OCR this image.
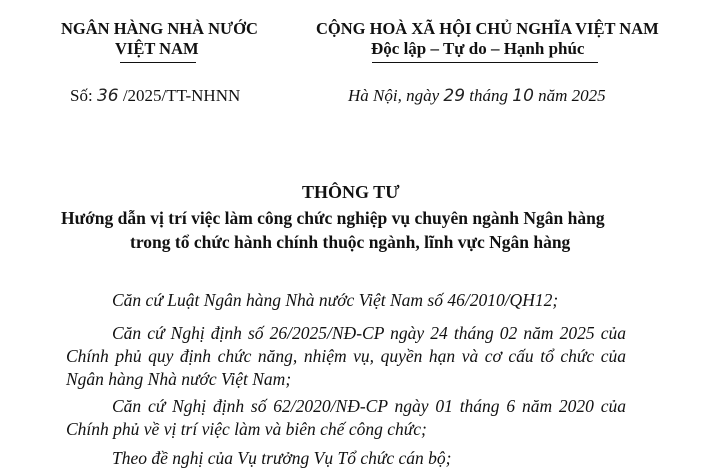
NGÂN HÀNG NHÀ NƯỚC
VIỆT NAM
CỘNG HOÀ XÃ HỘI CHỦ NGHĨA VIỆT NAM
Độc lập – Tự do – Hạnh phúc
Số: 36 /2025/TT-NHNN	Hà Nội, ngày 29 tháng 10 năm 2025
THÔNG TƯ
Hướng dẫn vị trí việc làm công chức nghiệp vụ chuyên ngành Ngân hàng
trong tổ chức hành chính thuộc ngành, lĩnh vực Ngân hàng
Căn cứ Luật Ngân hàng Nhà nước Việt Nam số 46/2010/QH12;
Căn cứ Nghị định số 26/2025/NĐ-CP ngày 24 tháng 02 năm 2025 của Chính phủ quy định chức năng, nhiệm vụ, quyền hạn và cơ cấu tổ chức của Ngân hàng Nhà nước Việt Nam;
Căn cứ Nghị định số 62/2020/NĐ-CP ngày 01 tháng 6 năm 2020 của Chính phủ về vị trí việc làm và biên chế công chức;
Theo đề nghị của Vụ trưởng Vụ Tổ chức cán bộ;
